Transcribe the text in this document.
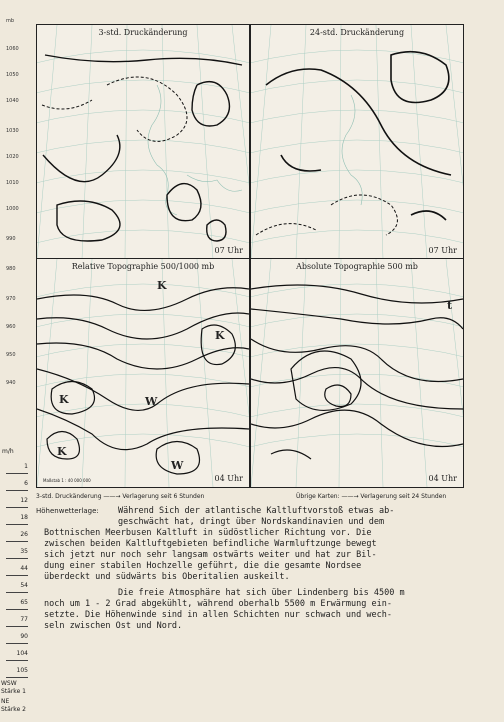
mb
1060
1050
1040
1030
1020
1010
1000
990
980
970
960
950
940
m/h
1
6
12
18
26
35
44
54
65
77
90
104
105
WSW
Stärke 1
NE
Stärke 2
3-std. Druckänderung
07 Uhr
24-std. Druckänderung
07 Uhr
Relative Topographie 500/1000 mb
K
K
K
K
W
W
Maßstab 1 : 40 000 000	04 Uhr
Absolute Topographie 500 mb
t
04 Uhr
3-std. Druckänderung ——→ Verlagerung seit 6 Stunden	Übrige Karten: ——→ Verlagerung seit 24 Stunden
Höhenwetterlage: Während Sich der atlantische Kaltluftvorstoß etwas ab-
geschwächt hat, dringt über Nordskandinavien und dem
Bottnischen Meerbusen Kaltluft in südöstlicher Richtung vor. Die
zwischen beiden Kaltluftgebieten befindliche Warmluftzunge bewegt
sich jetzt nur noch sehr langsam ostwärts weiter und hat zur Bil-
dung einer stabilen Hochzelle geführt, die die gesamte Nordsee
überdeckt und südwärts bis Oberitalien auskeilt.
Die freie Atmosphäre hat sich über Lindenberg bis 4500 m
noch um 1 - 2 Grad abgekühlt, während oberhalb 5500 m Erwärmung ein-
setzte. Die Höhenwinde sind in allen Schichten nur schwach und wech-
seln zwischen Ost und Nord.
